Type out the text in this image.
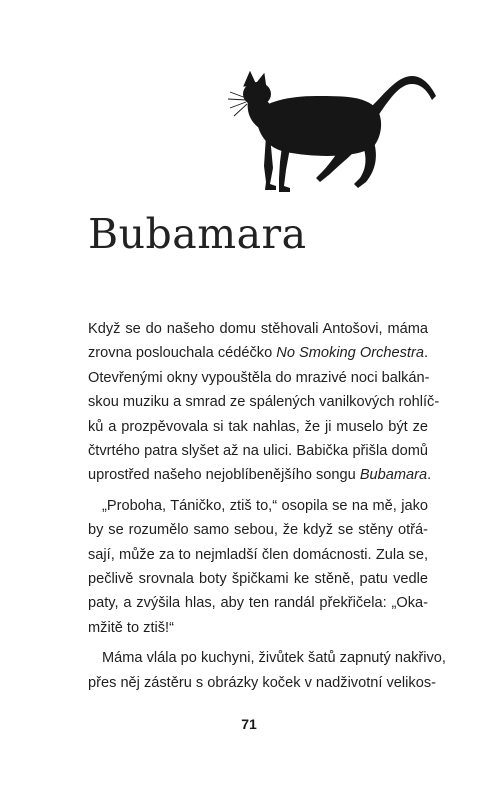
Bubamara
Když se do našeho domu stěhovali Antošovi, máma
zrovna poslouchala cédéčko No Smoking Orchestra.
Otevřenými okny vypouštěla do mrazivé noci balkán-
skou muziku a smrad ze spálených vanilkových rohlíč-
ků a prozpěvovala si tak nahlas, že ji muselo být ze
čtvrtého patra slyšet až na ulici. Babička přišla domů
uprostřed našeho nejoblíbenějšího songu Bubamara.
„Proboha, Táničko, ztiš to,“ osopila se na mě, jako
by se rozumělo samo sebou, že když se stěny otřá-
sají, může za to nejmladší člen domácnosti. Zula se,
pečlivě srovnala boty špičkami ke stěně, patu vedle
paty, a zvýšila hlas, aby ten randál překřičela: „Oka-
mžitě to ztiš!“
Máma vlála po kuchyni, živůtek šatů zapnutý nakřivo,
přes něj zástěru s obrázky koček v nadživotní velikos-
71
